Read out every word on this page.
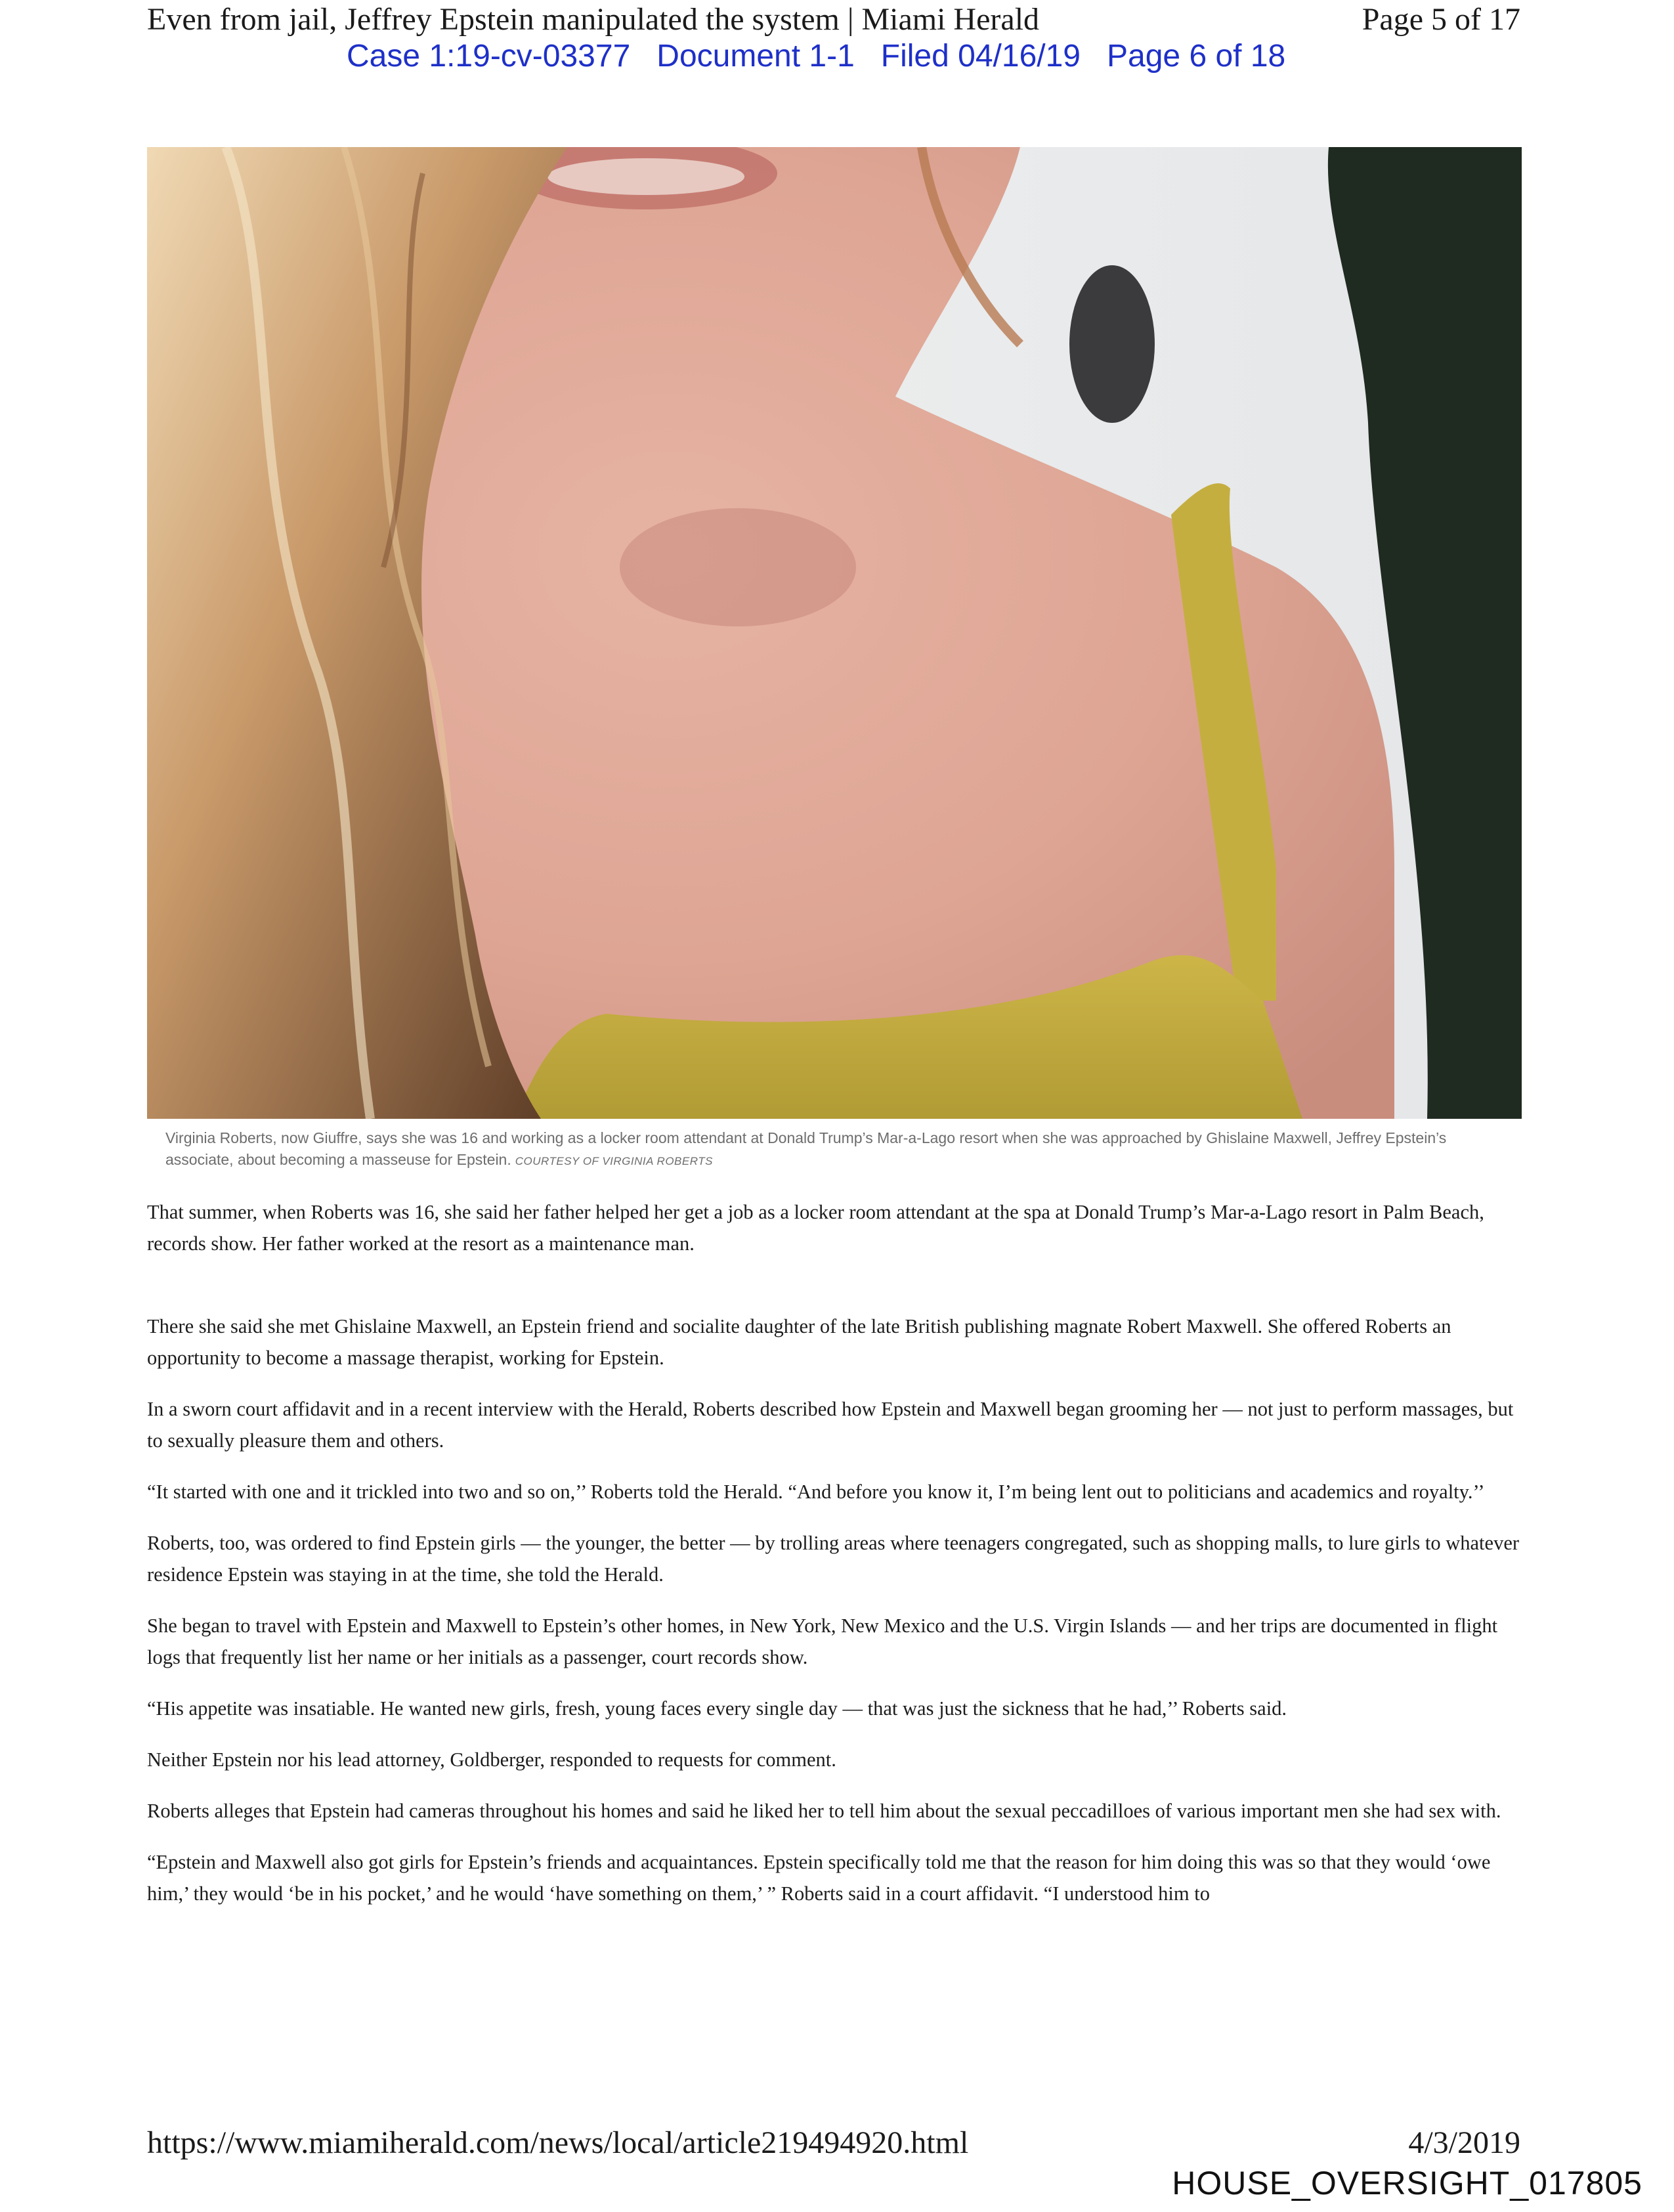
Even from jail, Jeffrey Epstein manipulated the system | Miami Herald	Page 5 of 17
Case 1:19-cv-03377 Document 1-1 Filed 04/16/19 Page 6 of 18
Virginia Roberts, now Giuffre, says she was 16 and working as a locker room attendant at Donald Trump’s Mar-a-Lago resort when she was approached by Ghislaine Maxwell, Jeffrey Epstein’s associate, about becoming a masseuse for Epstein. COURTESY OF VIRGINIA ROBERTS

That summer, when Roberts was 16, she said her father helped her get a job as a locker room attendant at the spa at Donald Trump’s Mar-a-Lago resort in Palm Beach, records show. Her father worked at the resort as a maintenance man.

There she said she met Ghislaine Maxwell, an Epstein friend and socialite daughter of the late British publishing magnate Robert Maxwell. She offered Roberts an opportunity to become a massage therapist, working for Epstein.

In a sworn court affidavit and in a recent interview with the Herald, Roberts described how Epstein and Maxwell began grooming her — not just to perform massages, but to sexually pleasure them and others.

“It started with one and it trickled into two and so on,’’ Roberts told the Herald. “And before you know it, I’m being lent out to politicians and academics and royalty.’’

Roberts, too, was ordered to find Epstein girls — the younger, the better — by trolling areas where teenagers congregated, such as shopping malls, to lure girls to whatever residence Epstein was staying in at the time, she told the Herald.

She began to travel with Epstein and Maxwell to Epstein’s other homes, in New York, New Mexico and the U.S. Virgin Islands — and her trips are documented in flight logs that frequently list her name or her initials as a passenger, court records show.

“His appetite was insatiable. He wanted new girls, fresh, young faces every single day — that was just the sickness that he had,’’ Roberts said.

Neither Epstein nor his lead attorney, Goldberger, responded to requests for comment.

Roberts alleges that Epstein had cameras throughout his homes and said he liked her to tell him about the sexual peccadilloes of various important men she had sex with.

“Epstein and Maxwell also got girls for Epstein’s friends and acquaintances. Epstein specifically told me that the reason for him doing this was so that they would ‘owe him,’ they would ‘be in his pocket,’ and he would ‘have something on them,’ ” Roberts said in a court affidavit. “I understood him to

https://www.miamiherald.com/news/local/article219494920.html	4/3/2019
HOUSE_OVERSIGHT_017805
